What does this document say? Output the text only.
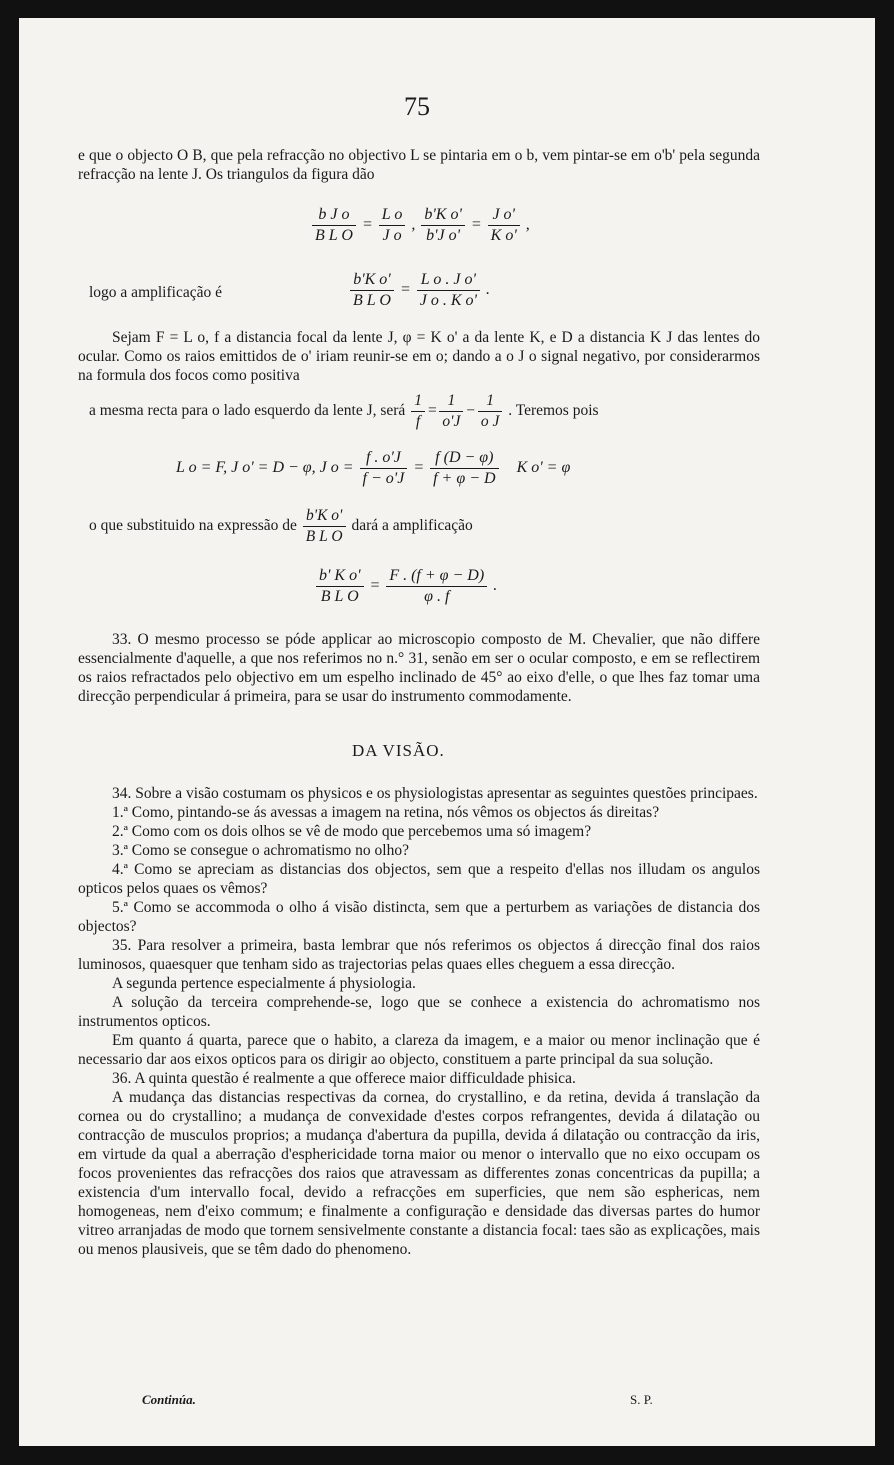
75

e que o objecto O B, que pela refracção no objectivo L se pintaria em o b, vem pintar-se em o'b' pela segunda refracção na lente J. Os triangulos da figura dão

$\frac{\text{b J o}}{\text{B L O}} = \frac{\text{L o}}{\text{J o}}$ , $\frac{\text{b'K o'}}{\text{b'J o'}} = \frac{\text{J o'}}{\text{K o'}}$ ,
logo a amplificação é	$\frac{\text{b'K o'}}{\text{B L O}} = \frac{\text{L o . J o'}}{\text{J o . K o'}}$ .

Sejam F = L o, f a distancia focal da lente J, φ = K o' a da lente K, e D a distancia K J das lentes do ocular. Como os raios emittidos de o' iriam reunir-se em o; dando a o J o signal negativo, por considerarmos na formula dos focos como positiva

a mesma recta para o lado esquerdo da lente J, será $\frac{1}{f} = \frac{1}{o'J} - \frac{1}{\text{o J}}$ . Teremos pois
L o = F, J o' = D − φ, J $o = \frac{f . o'J}{f - o'J} = \frac{f (D - \varphi)}{f + \varphi - D}$ K o' = φ
o que substituido na expressão de $\frac{\text{b'K o'}}{\text{B L O}}$ dará a amplificação
$\frac{\text{b' K o'}}{\text{B L O}} = \frac{F . (f + \varphi - D)}{\varphi . f}$ .

33. O mesmo processo se póde applicar ao microscopio composto de M. Chevalier, que não differe essencialmente d'aquelle, a que nos referimos no n.° 31, senão em ser o ocular composto, e em se reflectirem os raios refractados pelo objectivo em um espelho inclinado de 45° ao eixo d'elle, o que lhes faz tomar uma direcção perpendicular á primeira, para se usar do instrumento commodamente.

DA VISÃO.

34. Sobre a visão costumam os physicos e os physiologistas apresentar as seguintes questões principaes.

1.ª Como, pintando-se ás avessas a imagem na retina, nós vêmos os objectos ás direitas?

2.ª Como com os dois olhos se vê de modo que percebemos uma só imagem?

3.ª Como se consegue o achromatismo no olho?

4.ª Como se apreciam as distancias dos objectos, sem que a respeito d'ellas nos illudam os angulos opticos pelos quaes os vêmos?

5.ª Como se accommoda o olho á visão distincta, sem que a perturbem as variações de distancia dos objectos?

35. Para resolver a primeira, basta lembrar que nós referimos os objectos á direcção final dos raios luminosos, quaesquer que tenham sido as trajectorias pelas quaes elles cheguem a essa direcção.

A segunda pertence especialmente á physiologia.

A solução da terceira comprehende-se, logo que se conhece a existencia do achromatismo nos instrumentos opticos.

Em quanto á quarta, parece que o habito, a clareza da imagem, e a maior ou menor inclinação que é necessario dar aos eixos opticos para os dirigir ao objecto, constituem a parte principal da sua solução.

36. A quinta questão é realmente a que offerece maior difficuldade phisica.

A mudança das distancias respectivas da cornea, do crystallino, e da retina, devida á translação da cornea ou do crystallino; a mudança de convexidade d'estes corpos refrangentes, devida á dilatação ou contracção de musculos proprios; a mudança d'abertura da pupilla, devida á dilatação ou contracção da iris, em virtude da qual a aberração d'esphericidade torna maior ou menor o intervallo que no eixo occupam os focos provenientes das refracções dos raios que atravessam as differentes zonas concentricas da pupilla; a existencia d'um intervallo focal, devido a refracções em superficies, que nem são esphericas, nem homogeneas, nem d'eixo commum; e finalmente a configuração e densidade das diversas partes do humor vitreo arranjadas de modo que tornem sensivelmente constante a distancia focal: taes são as explicações, mais ou menos plausiveis, que se têm dado do phenomeno.

Continúa.	S. P.
